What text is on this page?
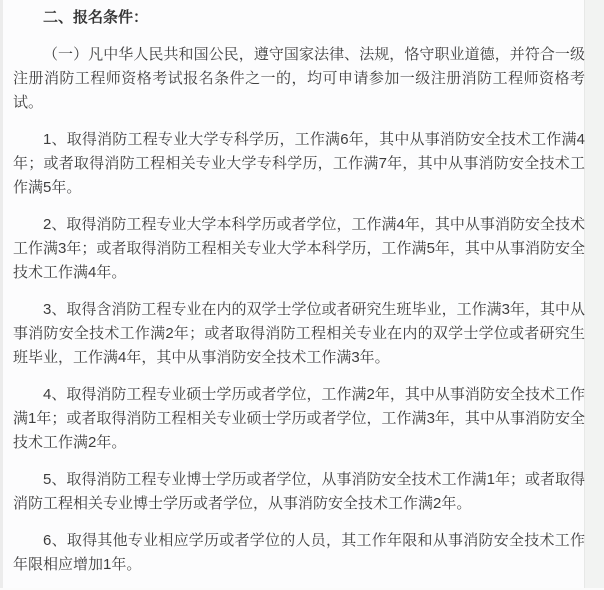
二、报名条件：

（一）凡中华人民共和国公民，遵守国家法律、法规，恪守职业道德，并符合一级注册消防工程师资格考试报名条件之一的，均可申请参加一级注册消防工程师资格考试。

1、取得消防工程专业大学专科学历，工作满6年，其中从事消防安全技术工作满4年；或者取得消防工程相关专业大学专科学历，工作满7年，其中从事消防安全技术工作满5年。

2、取得消防工程专业大学本科学历或者学位，工作满4年，其中从事消防安全技术工作满3年；或者取得消防工程相关专业大学本科学历，工作满5年，其中从事消防安全技术工作满4年。

3、取得含消防工程专业在内的双学士学位或者研究生班毕业，工作满3年，其中从事消防安全技术工作满2年；或者取得消防工程相关专业在内的双学士学位或者研究生班毕业，工作满4年，其中从事消防安全技术工作满3年。

4、取得消防工程专业硕士学历或者学位，工作满2年，其中从事消防安全技术工作满1年；或者取得消防工程相关专业硕士学历或者学位，工作满3年，其中从事消防安全技术工作满2年。

5、取得消防工程专业博士学历或者学位，从事消防安全技术工作满1年；或者取得消防工程相关专业博士学历或者学位，从事消防安全技术工作满2年。

6、取得其他专业相应学历或者学位的人员，其工作年限和从事消防安全技术工作年限相应增加1年。
